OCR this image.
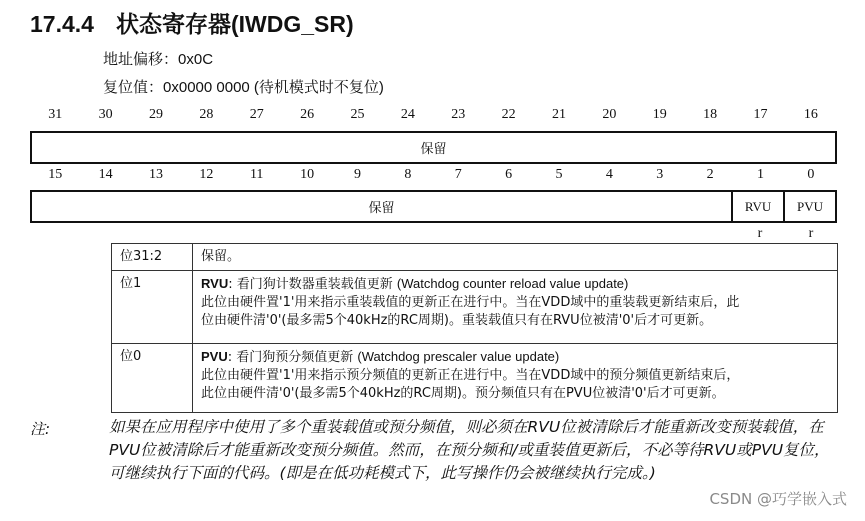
17.4.4 状态寄存器(IWDG_SR)
地址偏移：0x0C
复位值：0x0000 0000 (待机模式时不复位)
31	30	29	28	27	26	25	24	23	22	21	20	19	18	17	16
保留
15	14	13	12	11	10	9	8	7	6	5	4	3	2	1	0
保留	RVU	PVU
r	r
位31:2	保留。
位1	RVU: 看门狗计数器重装载值更新 (Watchdog counter reload value update)
此位由硬件置'1'用来指示重装载值的更新正在进行中。当在VDD域中的重装载更新结束后，此
位由硬件清'0'(最多需5个40kHz的RC周期)。重装载值只有在RVU位被清'0'后才可更新。

位0	PVU: 看门狗预分频值更新 (Watchdog prescaler value update)
此位由硬件置'1'用来指示预分频值的更新正在进行中。当在VDD域中的预分频值更新结束后，
此位由硬件清'0'(最多需5个40kHz的RC周期)。预分频值只有在PVU位被清'0'后才可更新。
注:	如果在应用程序中使用了多个重装载值或预分频值，则必须在RVU位被清除后才能重新改变预装载值，在PVU位被清除后才能重新改变预分频值。然而，在预分频和/或重装值更新后，不必等待RVU或PVU复位，可继续执行下面的代码。(即是在低功耗模式下，此写操作仍会被继续执行完成。)
CSDN @巧学嵌入式
